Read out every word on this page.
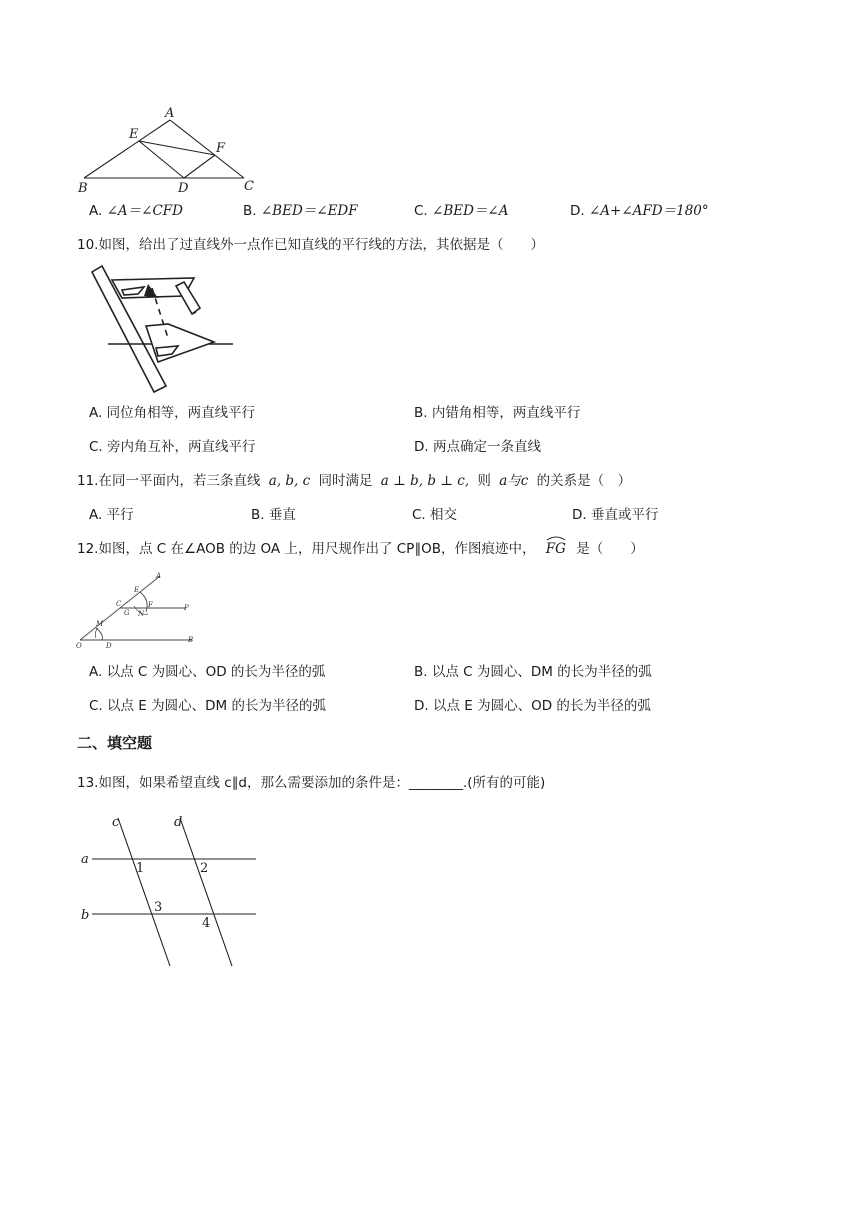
A
E
F
B	D	C
A. ∠A＝∠CFD	B. ∠BED＝∠EDF	C. ∠BED＝∠A	D. ∠A+∠AFD＝180°
10.如图，给出了过直线外一点作已知直线的平行线的方法，其依据是（　　）
A. 同位角相等，两直线平行	B. 内错角相等，两直线平行
C. 旁内角互补，两直线平行	D. 两点确定一条直线
11.在同一平面内，若三条直线 a, b, c 同时满足 a ⊥ b, b ⊥ c, 则 a与c 的关系是（　）
A. 平行	B. 垂直	C. 相交	D. 垂直或平行
12.如图，点 C 在∠AOB 的边 OA 上，用尺规作出了 CP∥OB，作图痕迹中， FG 是（　　）
O	D
M
C
G
E
F
N
A
P
B
A. 以点 C 为圆心、OD 的长为半径的弧	B. 以点 C 为圆心、DM 的长为半径的弧
C. 以点 E 为圆心、DM 的长为半径的弧	D. 以点 E 为圆心、OD 的长为半径的弧
二、填空题
13.如图，如果希望直线 c∥d，那么需要添加的条件是：________.(所有的可能)
c	d
a
b
1	2
3
4
